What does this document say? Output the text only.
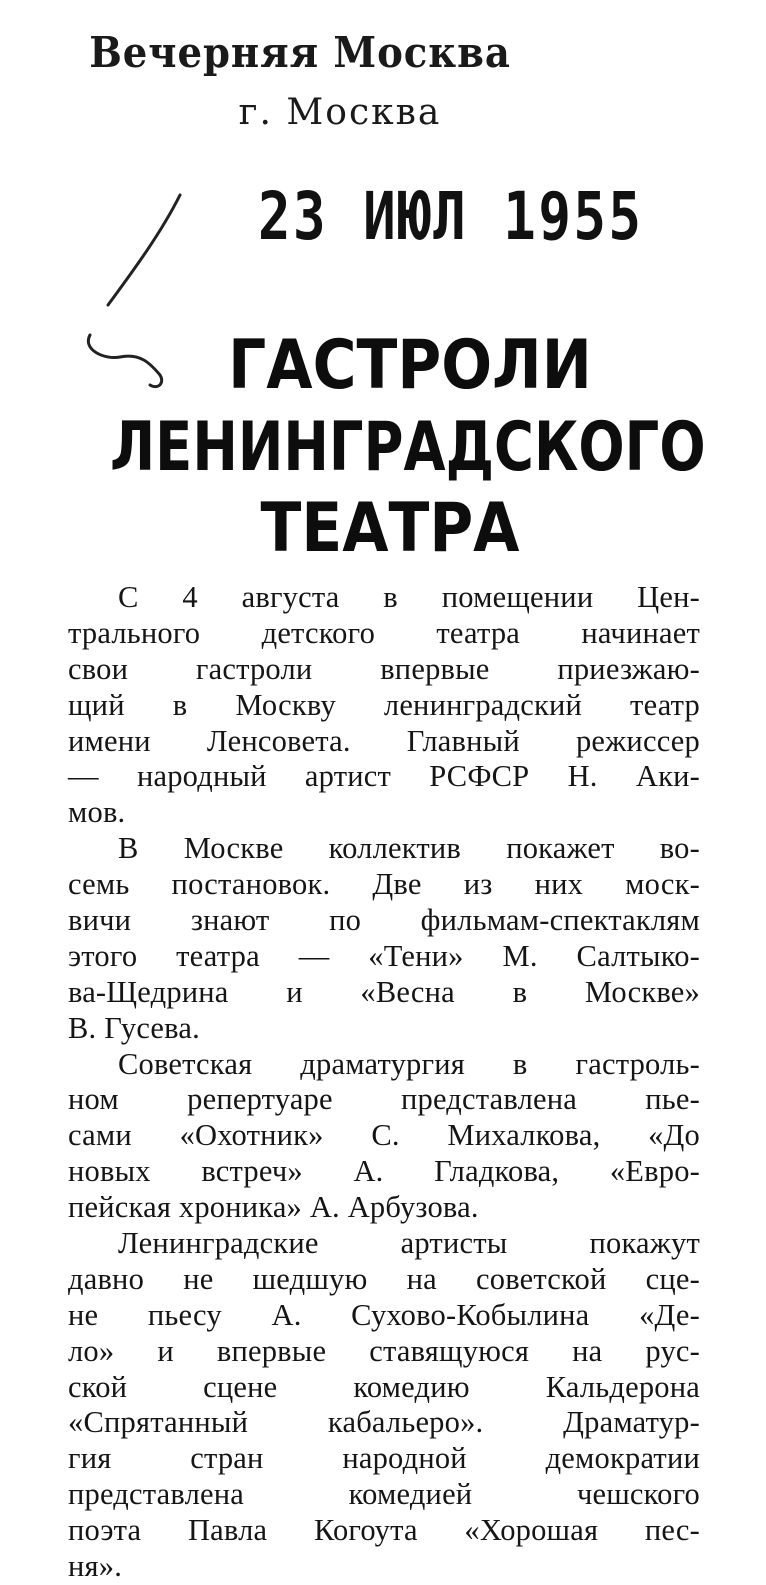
Вечерняя Москва
г. Москва
23 ИЮЛ 1955
ГАСТРОЛИ
ЛЕНИНГРАДСКОГО
ТЕАТРА
С 4 августа в помещении Цен-
трального детского театра начинает
свои гастроли впервые приезжаю-
щий в Москву ленинградский театр
имени Ленсовета. Главный режиссер
— народный артист РСФСР Н. Аки-
мов.
В Москве коллектив покажет во-
семь постановок. Две из них моск-
вичи знают по фильмам-спектаклям
этого театра — «Тени» М. Салтыко-
ва-Щедрина и «Весна в Москве»
В. Гусева.
Советская драматургия в гастроль-
ном репертуаре представлена пье-
сами «Охотник» С. Михалкова, «До
новых встреч» А. Гладкова, «Евро-
пейская хроника» А. Арбузова.
Ленинградские артисты покажут
давно не шедшую на советской сце-
не пьесу А. Сухово-Кобылина «Де-
ло» и впервые ставящуюся на рус-
ской сцене комедию Кальдерона
«Спрятанный кабальеро». Драматур-
гия стран народной демократии
представлена комедией чешского
поэта Павла Когоута «Хорошая пес-
ня».
